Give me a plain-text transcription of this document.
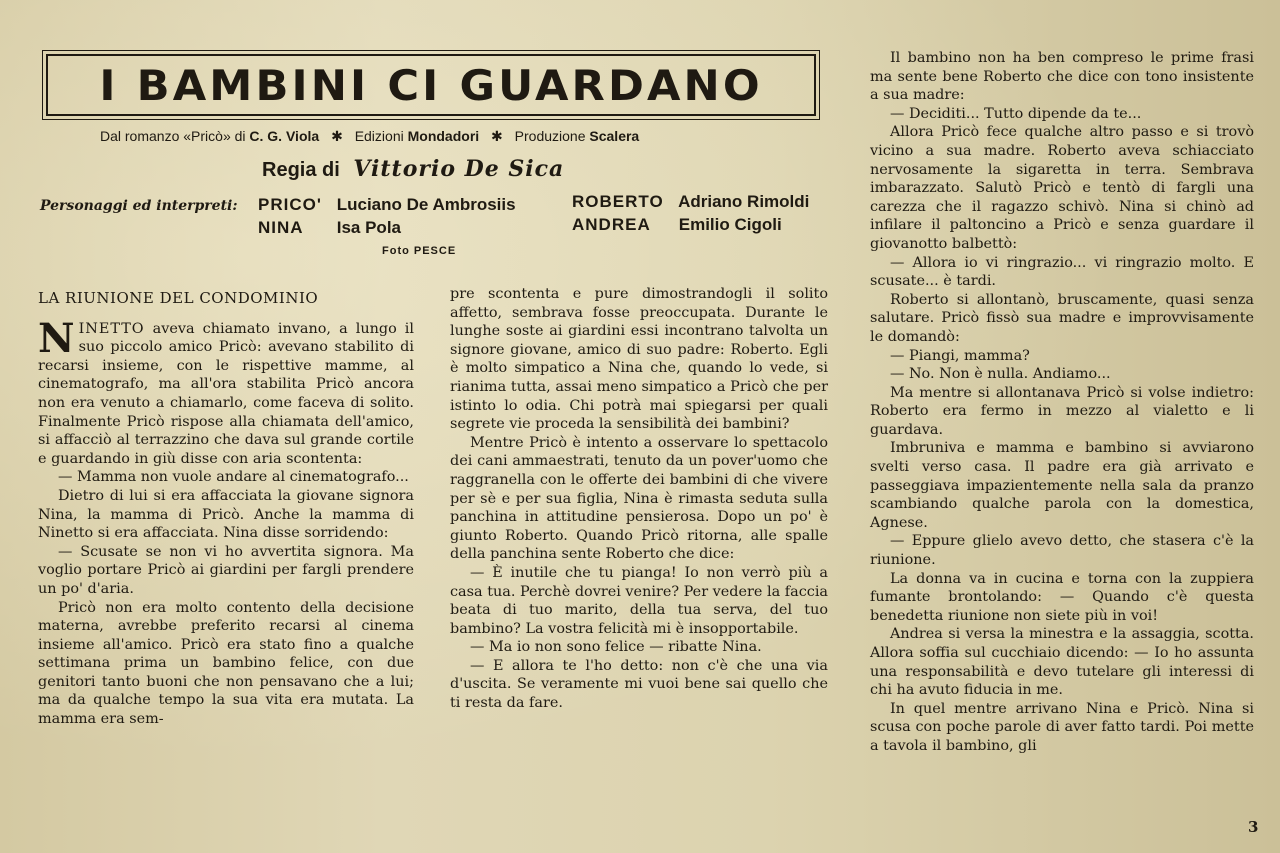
I BAMBINI CI GUARDANO
Dal romanzo «Pricò» di C. G. Viola ✱ Edizioni Mondadori ✱ Produzione Scalera
Regia di Vittorio De Sica
Personaggi ed interpreti: PRICO' Luciano De Ambrosiis
NINA Isa Pola
ROBERTO Adriano Rimoldi
ANDREA Emilio Cigoli
Foto PESCE
LA RIUNIONE DEL CONDOMINIO

NINETTO aveva chiamato invano, a lungo il suo piccolo amico Pricò: avevano stabilito di recarsi insieme, con le rispettive mamme, al cinematografo, ma all'ora stabilita Pricò ancora non era venuto a chiamarlo, come faceva di solito. Finalmente Pricò rispose alla chiamata dell'amico, si affacciò al terrazzino che dava sul grande cortile e guardando in giù disse con aria scontenta:

— Mamma non vuole andare al cinematografo...

Dietro di lui si era affacciata la giovane signora Nina, la mamma di Pricò. Anche la mamma di Ninetto si era affacciata. Nina disse sorridendo:

— Scusate se non vi ho avvertita signora. Ma voglio portare Pricò ai giardini per fargli prendere un po' d'aria.

Pricò non era molto contento della decisione materna, avrebbe preferito recarsi al cinema insieme all'amico. Pricò era stato fino a qualche settimana prima un bambino felice, con due genitori tanto buoni che non pensavano che a lui; ma da qualche tempo la sua vita era mutata. La mamma era sem-

pre scontenta e pure dimostrandogli il solito affetto, sembrava fosse preoccupata. Durante le lunghe soste ai giardini essi incontrano talvolta un signore giovane, amico di suo padre: Roberto. Egli è molto simpatico a Nina che, quando lo vede, si rianima tutta, assai meno simpatico a Pricò che per istinto lo odia. Chi potrà mai spiegarsi per quali segrete vie proceda la sensibilità dei bambini?

Mentre Pricò è intento a osservare lo spettacolo dei cani ammaestrati, tenuto da un pover'uomo che raggranella con le offerte dei bambini di che vivere per sè e per sua figlia, Nina è rimasta seduta sulla panchina in attitudine pensierosa. Dopo un po' è giunto Roberto. Quando Pricò ritorna, alle spalle della panchina sente Roberto che dice:

— È inutile che tu pianga! Io non verrò più a casa tua. Perchè dovrei venire? Per vedere la faccia beata di tuo marito, della tua serva, del tuo bambino? La vostra felicità mi è insopportabile.

— Ma io non sono felice — ribatte Nina.

— E allora te l'ho detto: non c'è che una via d'uscita. Se veramente mi vuoi bene sai quello che ti resta da fare.

Il bambino non ha ben compreso le prime frasi ma sente bene Roberto che dice con tono insistente a sua madre:

— Deciditi... Tutto dipende da te...

Allora Pricò fece qualche altro passo e si trovò vicino a sua madre. Roberto aveva schiacciato nervosamente la sigaretta in terra. Sembrava imbarazzato. Salutò Pricò e tentò di fargli una carezza che il ragazzo schivò. Nina si chinò ad infilare il paltoncino a Pricò e senza guardare il giovanotto balbettò:

— Allora io vi ringrazio... vi ringrazio molto. E scusate... è tardi.

Roberto si allontanò, bruscamente, quasi senza salutare. Pricò fissò sua madre e improvvisamente le domandò:

— Piangi, mamma?

— No. Non è nulla. Andiamo...

Ma mentre si allontanava Pricò si volse indietro: Roberto era fermo in mezzo al vialetto e li guardava.

Imbruniva e mamma e bambino si avviarono svelti verso casa. Il padre era già arrivato e passeggiava impazientemente nella sala da pranzo scambiando qualche parola con la domestica, Agnese.

— Eppure glielo avevo detto, che stasera c'è la riunione.

La donna va in cucina e torna con la zuppiera fumante brontolando: — Quando c'è questa benedetta riunione non siete più in voi!

Andrea si versa la minestra e la assaggia, scotta. Allora soffia sul cucchiaio dicendo: — Io ho assunta una responsabilità e devo tutelare gli interessi di chi ha avuto fiducia in me.

In quel mentre arrivano Nina e Pricò. Nina si scusa con poche parole di aver fatto tardi. Poi mette a tavola il bambino, gli

3
